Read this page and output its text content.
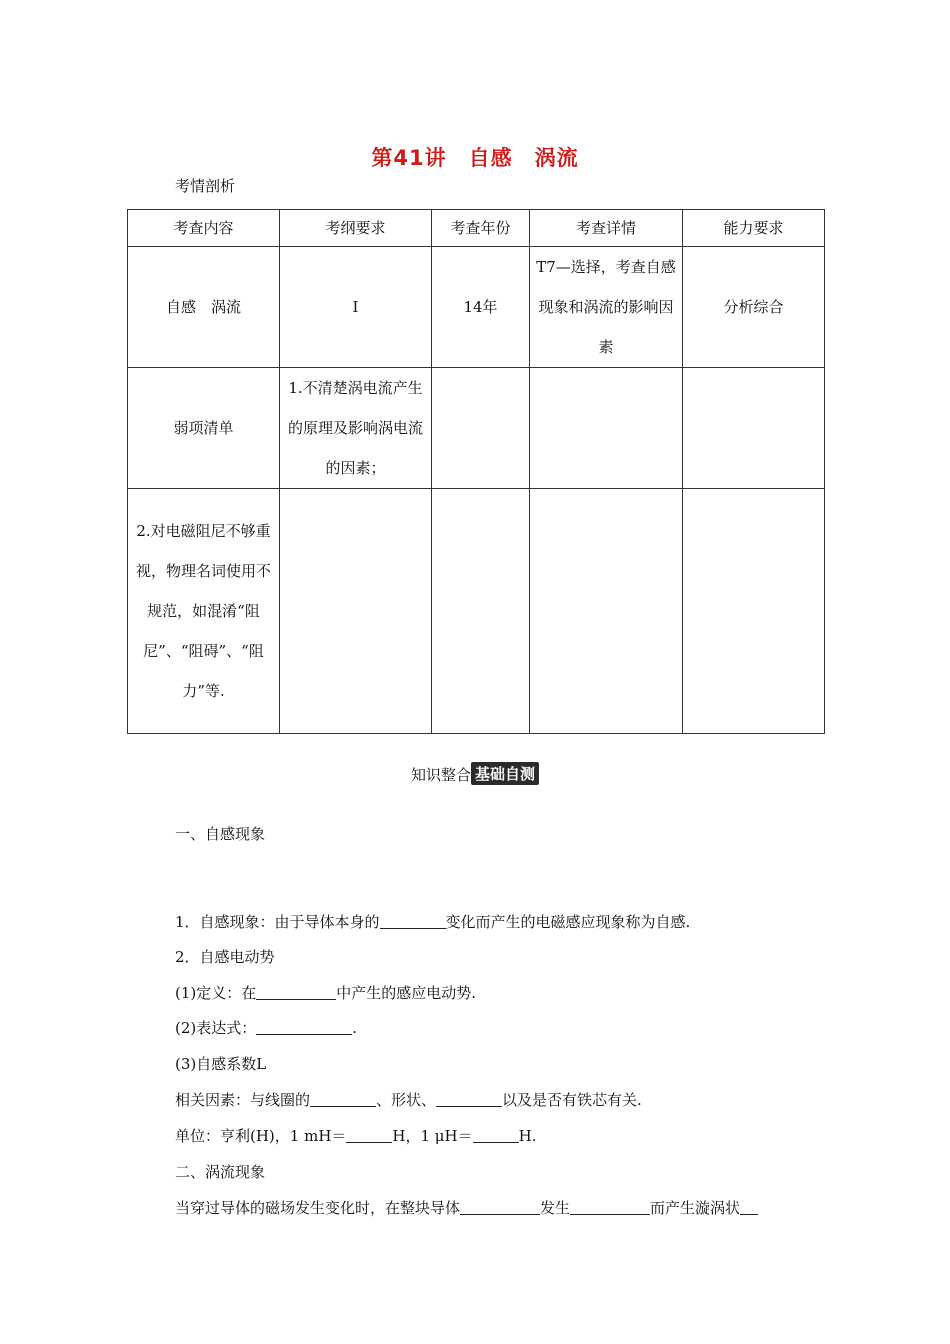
第41讲　自感　涡流
考情剖析
考查内容	考纲要求	考查年份	考查详情	能力要求
自感　涡流	Ⅰ	14年	T7—选择，考查自感现象和涡流的影响因素	分析综合
弱项清单	1.不清楚涡电流产生的原理及影响涡电流的因素；			
2.对电磁阻尼不够重视，物理名词使用不规范，如混淆“阻尼”、“阻碍”、“阻力”等.				
知识整合 基础自测
一、自感现象
1．自感现象：由于导体本身的	变化而产生的电磁感应现象称为自感.
2．自感电动势
(1)定义：在	中产生的感应电动势.
(2)表达式：	.
(3)自感系数L
相关因素：与线圈的	、形状、	以及是否有铁芯有关.
单位：亨利(H)，1 mH＝	H，1 μH＝	H.
二、涡流现象
当穿过导体的磁场发生变化时，在整块导体	发生	而产生漩涡状
